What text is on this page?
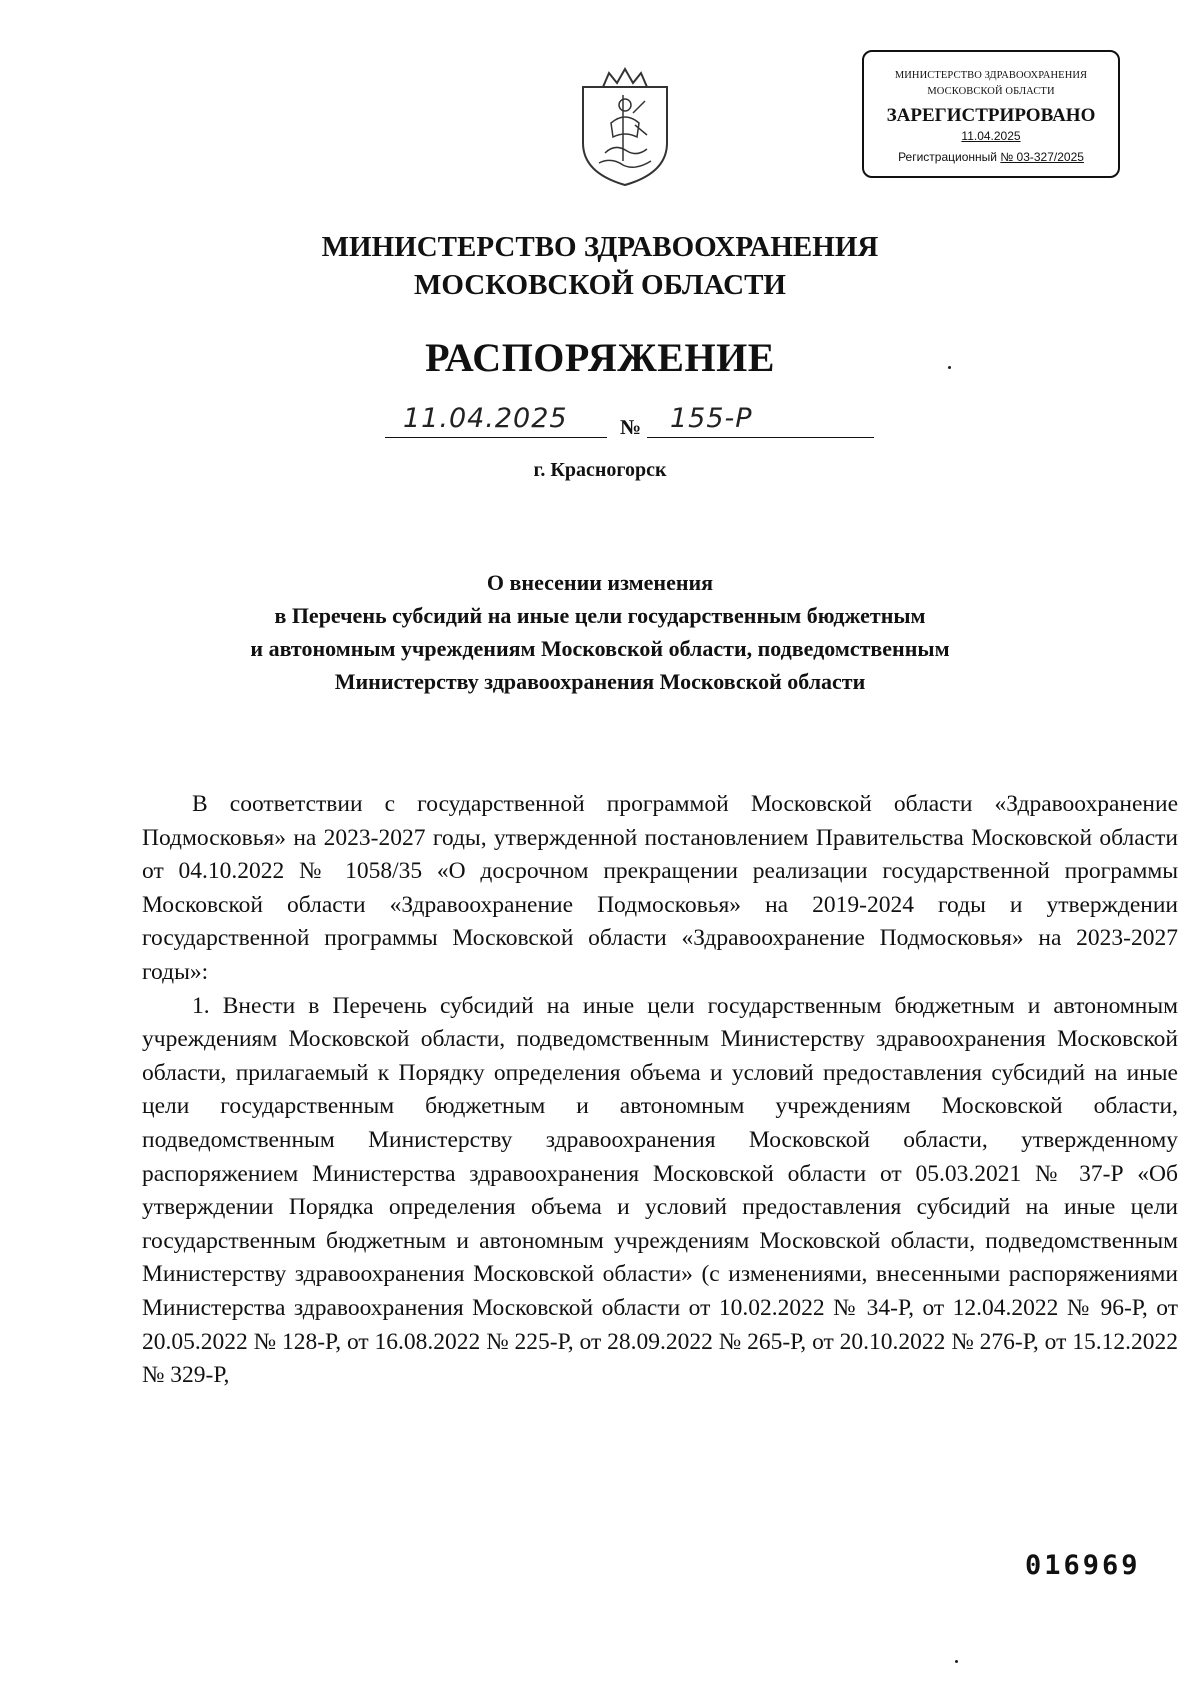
МИНИСТЕРСТВО ЗДРАВООХРАНЕНИЯ
МОСКОВСКОЙ ОБЛАСТИ
ЗАРЕГИСТРИРОВАНО
11.04.2025
Регистрационный № 03-327/2025
МИНИСТЕРСТВО ЗДРАВООХРАНЕНИЯ
МОСКОВСКОЙ ОБЛАСТИ
РАСПОРЯЖЕНИЕ
11.04.2025 № 155-Р
г. Красногорск
О внесении изменения
в Перечень субсидий на иные цели государственным бюджетным
и автономным учреждениям Московской области, подведомственным
Министерству здравоохранения Московской области

В соответствии с государственной программой Московской области «Здравоохранение Подмосковья» на 2023-2027 годы, утвержденной постановлением Правительства Московской области от 04.10.2022 № 1058/35 «О досрочном прекращении реализации государственной программы Московской области «Здравоохранение Подмосковья» на 2019-2024 годы и утверждении государственной программы Московской области «Здравоохранение Подмосковья» на 2023-2027 годы»:

1. Внести в Перечень субсидий на иные цели государственным бюджетным и автономным учреждениям Московской области, подведомственным Министерству здравоохранения Московской области, прилагаемый к Порядку определения объема и условий предоставления субсидий на иные цели государственным бюджетным и автономным учреждениям Московской области, подведомственным Министерству здравоохранения Московской области, утвержденному распоряжением Министерства здравоохранения Московской области от 05.03.2021 № 37-Р «Об утверждении Порядка определения объема и условий предоставления субсидий на иные цели государственным бюджетным и автономным учреждениям Московской области, подведомственным Министерству здравоохранения Московской области» (с изменениями, внесенными распоряжениями Министерства здравоохранения Московской области от 10.02.2022 № 34-Р, от 12.04.2022 № 96-Р, от 20.05.2022 № 128-Р, от 16.08.2022 № 225-Р, от 28.09.2022 № 265-Р, от 20.10.2022 № 276-Р, от 15.12.2022 № 329-Р,

016969
